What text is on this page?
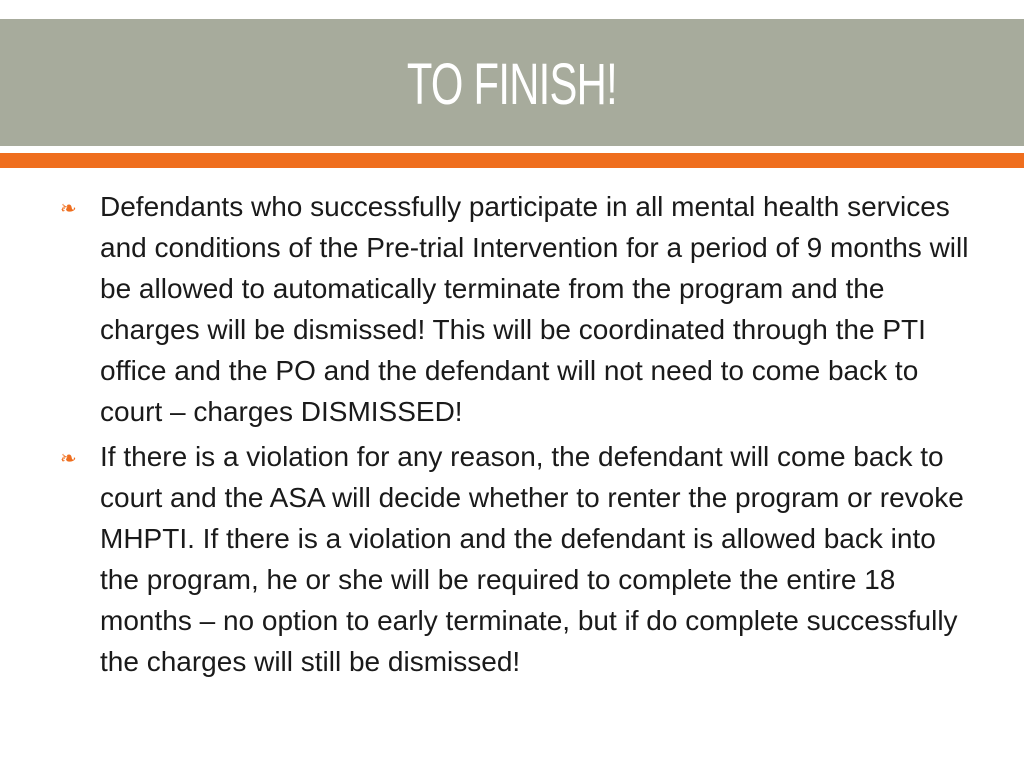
TO FINISH!
❧ Defendants who successfully participate in all mental health services and conditions of the Pre-trial Intervention for a period of 9 months will be allowed to automatically terminate from the program and the charges will be dismissed! This will be coordinated through the PTI office and the PO and the defendant will not need to come back to court – charges DISMISSED!
❧ If there is a violation for any reason, the defendant will come back to court and the ASA will decide whether to renter the program or revoke MHPTI. If there is a violation and the defendant is allowed back into the program, he or she will be required to complete the entire 18 months – no option to early terminate, but if do complete successfully the charges will still be dismissed!
